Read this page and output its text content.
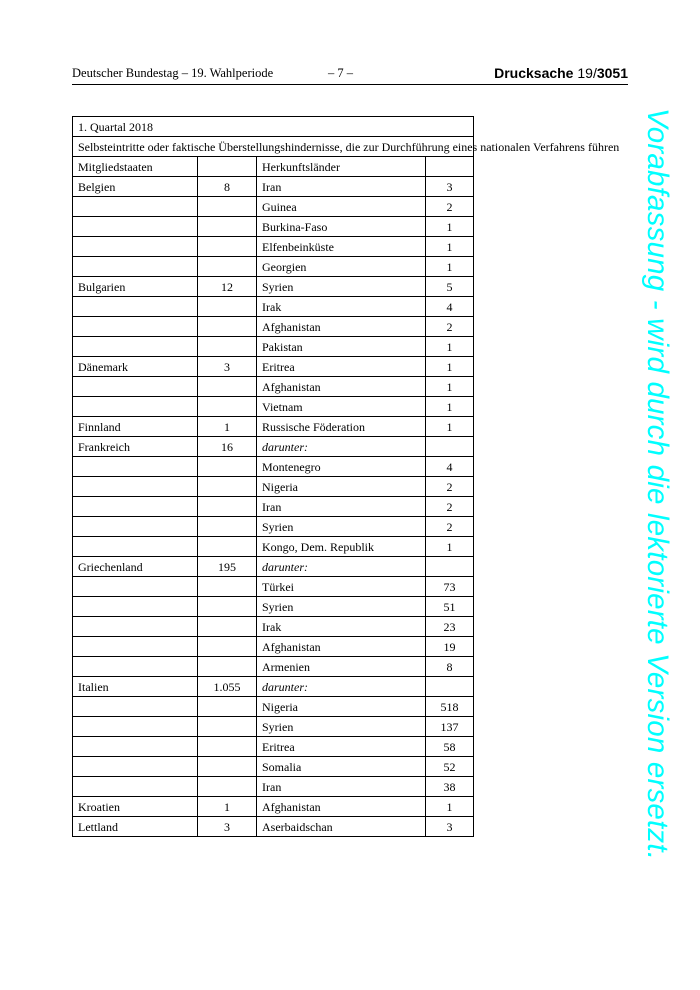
Deutscher Bundestag – 19. Wahlperiode	– 7 –	Drucksache 19/3051
1. Quartal 2018			
Selbsteintritte oder faktische Überstellungshindernisse, die zur Durchführung eines nationalen Verfahrens führen			
Mitgliedstaaten		Herkunftsländer	
Belgien	8	Iran	3
		Guinea	2
		Burkina-Faso	1
		Elfenbeinküste	1
		Georgien	1
Bulgarien	12	Syrien	5
		Irak	4
		Afghanistan	2
		Pakistan	1
Dänemark	3	Eritrea	1
		Afghanistan	1
		Vietnam	1
Finnland	1	Russische Föderation	1
Frankreich	16	darunter:	
		Montenegro	4
		Nigeria	2
		Iran	2
		Syrien	2
		Kongo, Dem. Republik	1
Griechenland	195	darunter:	
		Türkei	73
		Syrien	51
		Irak	23
		Afghanistan	19
		Armenien	8
Italien	1.055	darunter:	
		Nigeria	518
		Syrien	137
		Eritrea	58
		Somalia	52
		Iran	38
Kroatien	1	Afghanistan	1
Lettland	3	Aserbaidschan	3	Vorabfassung - wird durch die lektorierte Version ersetzt.
